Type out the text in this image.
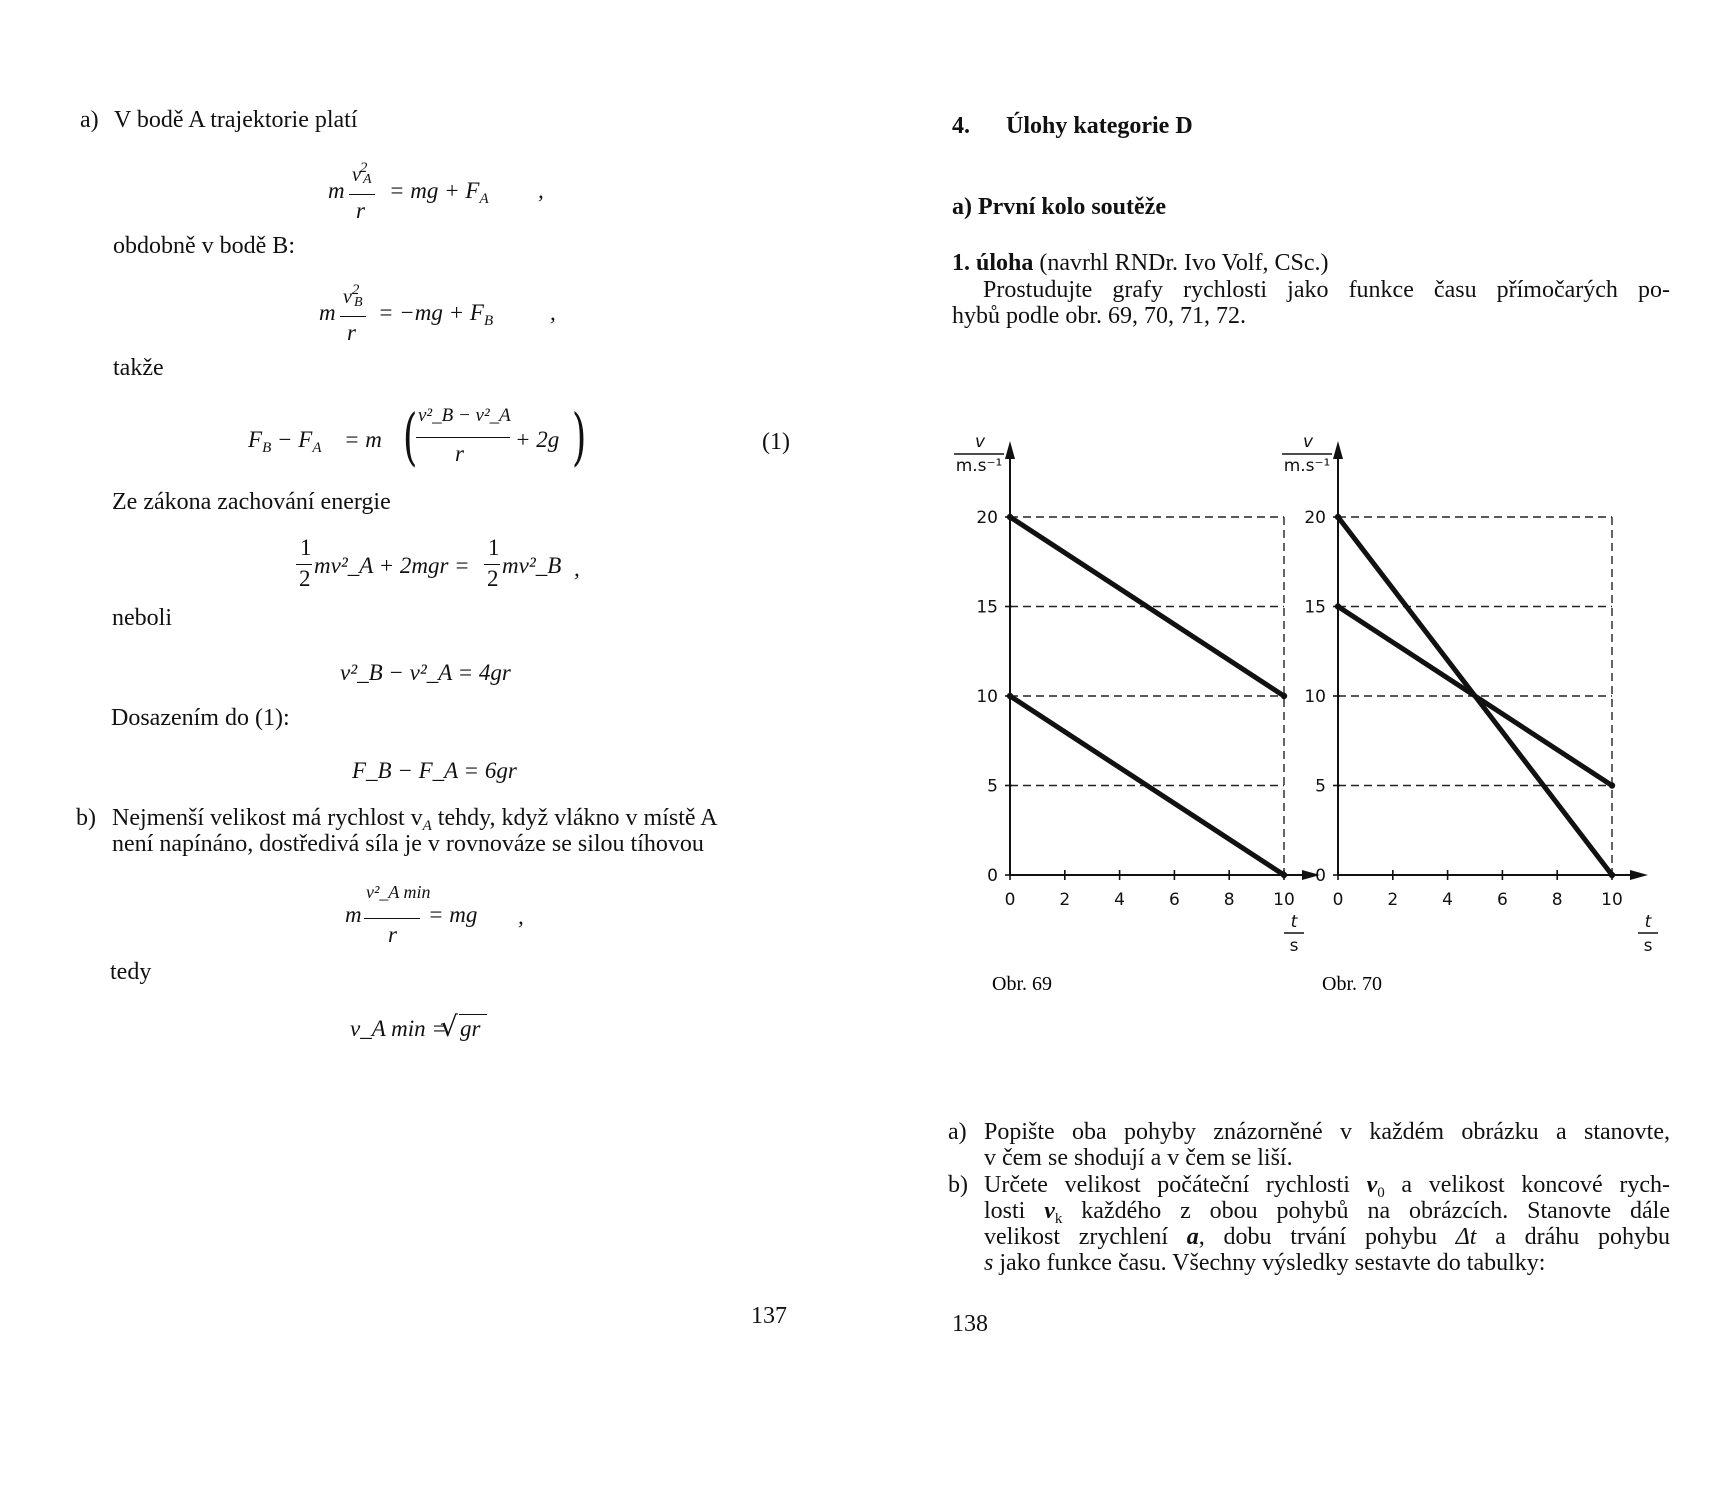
a) V bodě A trajektorie platí
m
$v^2$
A
r
= mg + $F_A$ ,
obdobně v bodě B:
m
$v^2$
B
r
= $-mg + F_B$ ,
takže
$F_B - F_A = m$ ( v²_B − v²_A
r
+ 2g )	(1)
Ze zákona zachování energie
1
2
mv²_A + 2mgr =
1
2
mv²_B ,
neboli
v²_B − v²_A = 4gr
Dosazením do (1):
F_B − F_A = 6gr
b) Nejmenší velikost má rychlost $v_A$ tehdy, když vlákno v místě A
není napínáno, dostředivá síla je v rovnováze se silou tíhovou
m
v²_A min
r
= mg ,
tedy
v_A min =
√ gr
137
4. Úlohy kategorie D
a) První kolo soutěže
1. úloha (navrhl RNDr. Ivo Volf, CSc.)
Prostudujte grafy rychlosti jako funkce času přímočarých po-
hybů podle obr. 69, 70, 71, 72.
0	2	4	6	8 10
0
5
10
15
20
v
m.s⁻¹
t
s
Obr. 69
0	2	4	6	8 10
0
5
10
15
20
v
m.s⁻¹
t
s
Obr. 70
a) Popište oba pohyby znázorněné v každém obrázku a stanovte,
v čem se shodují a v čem se liší.
b) Určete velikost počáteční rychlosti $v_0$ a velikost koncové rych-
losti $v_k$ každého z obou pohybů na obrázcích. Stanovte dále
velikost zrychlení a, dobu trvání pohybu Δt a dráhu pohybu
s jako funkce času. Všechny výsledky sestavte do tabulky:
138
